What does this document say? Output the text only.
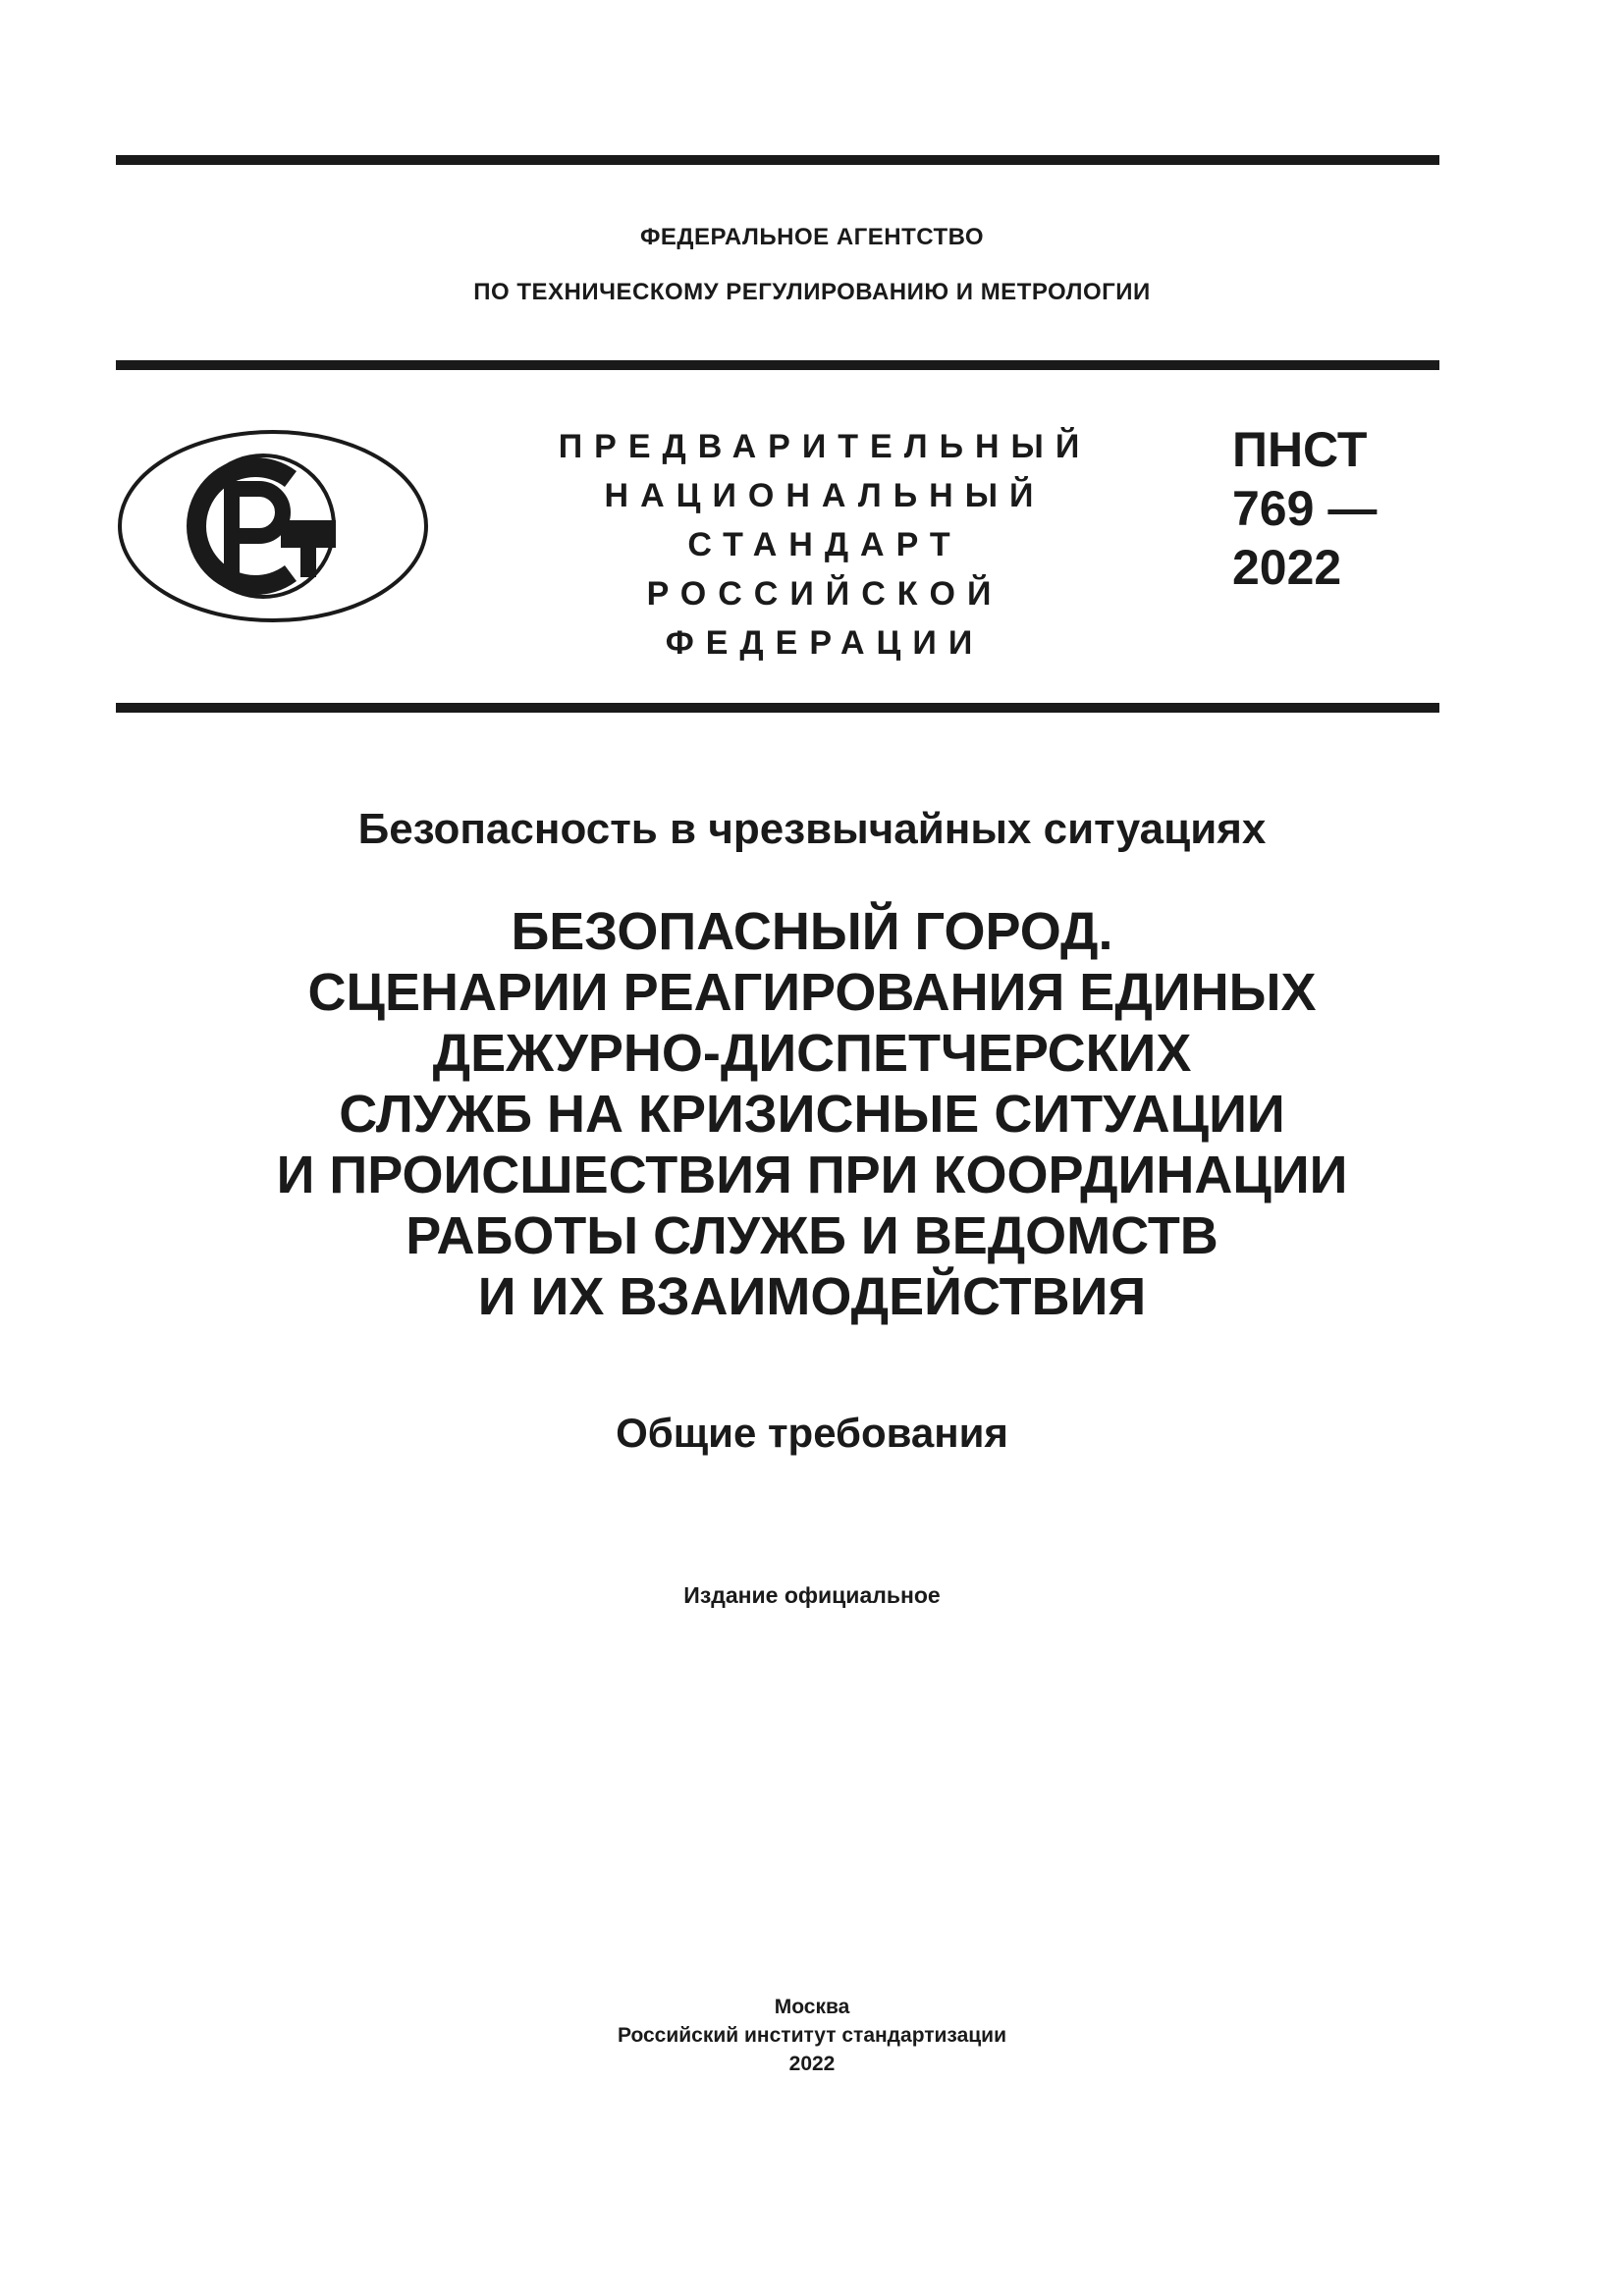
ФЕДЕРАЛЬНОЕ АГЕНТСТВО
ПО ТЕХНИЧЕСКОМУ РЕГУЛИРОВАНИЮ И МЕТРОЛОГИИ
ПРЕДВАРИТЕЛЬНЫЙ
НАЦИОНАЛЬНЫЙ
СТАНДАРТ
РОССИЙСКОЙ
ФЕДЕРАЦИИ
ПНСТ
769 —
2022
Безопасность в чрезвычайных ситуациях
БЕЗОПАСНЫЙ ГОРОД.
СЦЕНАРИИ РЕАГИРОВАНИЯ ЕДИНЫХ
ДЕЖУРНО-ДИСПЕТЧЕРСКИХ
СЛУЖБ НА КРИЗИСНЫЕ СИТУАЦИИ
И ПРОИСШЕСТВИЯ ПРИ КООРДИНАЦИИ
РАБОТЫ СЛУЖБ И ВЕДОМСТВ
И ИХ ВЗАИМОДЕЙСТВИЯ
Общие требования
Издание официальное
Москва
Российский институт стандартизации
2022
